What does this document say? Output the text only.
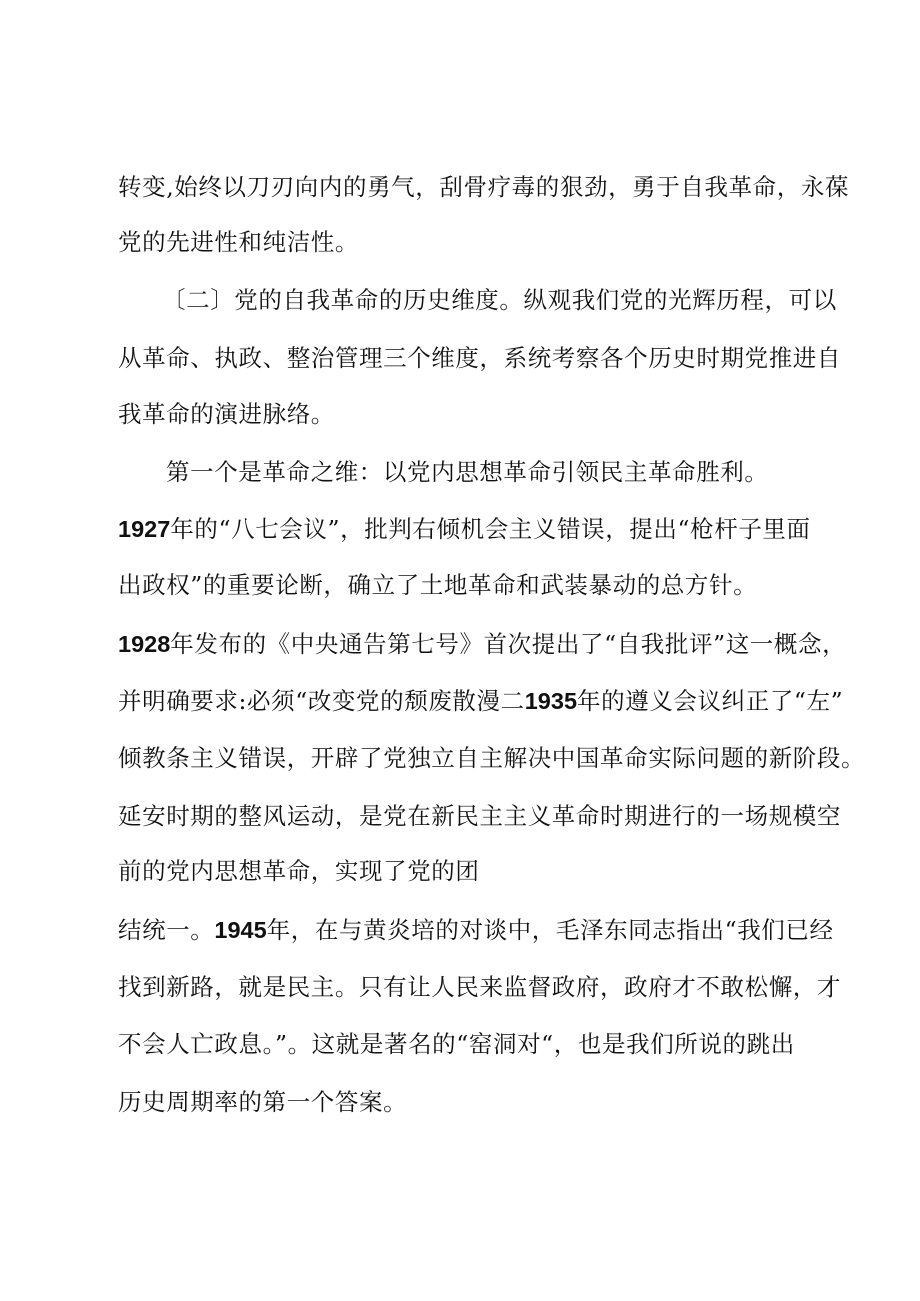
转变,始终以刀刃向内的勇气，刮骨疗毒的狠劲，勇于自我革命，永葆
党的先进性和纯洁性。
〔二〕党的自我革命的历史维度。纵观我们党的光辉历程，可以
从革命、执政、整治管理三个维度，系统考察各个历史时期党推进自
我革命的演进脉络。
第一个是革命之维：以党内思想革命引领民主革命胜利。
1927年的“八七会议”，批判右倾机会主义错误，提出“枪杆子里面
出政权”的重要论断，确立了土地革命和武装暴动的总方针。
1928年发布的《中央通告第七号》首次提出了“自我批评”这一概念，
并明确要求:必须“改变党的颓废散漫二1935年的遵义会议纠正了“左”
倾教条主义错误，开辟了党独立自主解决中国革命实际问题的新阶段。
延安时期的整风运动，是党在新民主主义革命时期进行的一场规模空
前的党内思想革命，实现了党的团
结统一。1945年，在与黄炎培的对谈中，毛泽东同志指出“我们已经
找到新路，就是民主。只有让人民来监督政府，政府才不敢松懈，才
不会人亡政息。”。这就是著名的“窑洞对“，也是我们所说的跳出
历史周期率的第一个答案。
